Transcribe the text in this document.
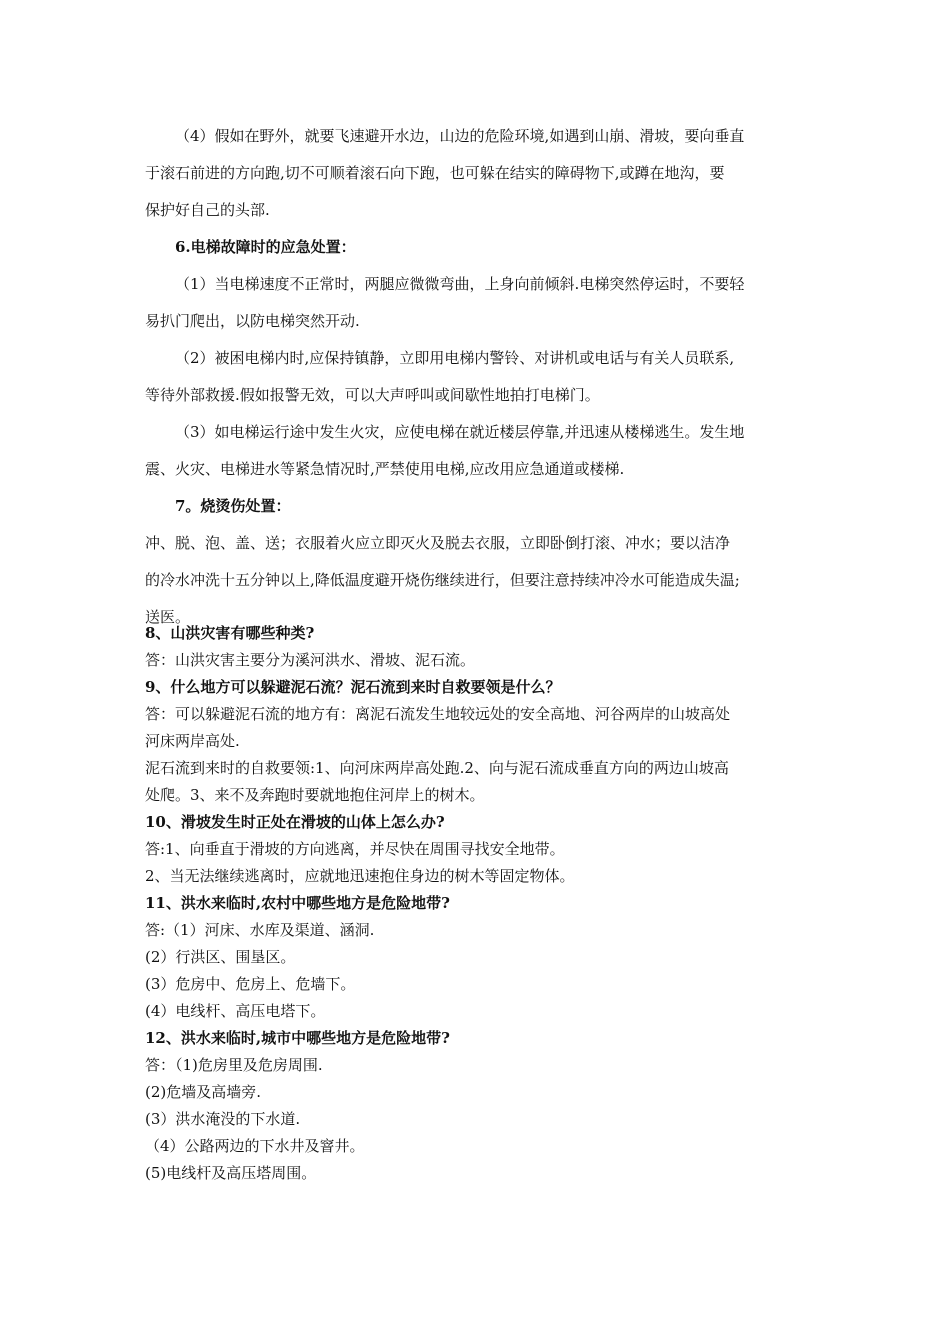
（4）假如在野外，就要飞速避开水边，山边的危险环境,如遇到山崩、滑坡，要向垂直
于滚石前进的方向跑,切不可顺着滚石向下跑，也可躲在结实的障碍物下,或蹲在地沟，要
保护好自己的头部.
6.电梯故障时的应急处置：
（1）当电梯速度不正常时，两腿应微微弯曲，上身向前倾斜.电梯突然停运时，不要轻
易扒门爬出，以防电梯突然开动.
（2）被困电梯内时,应保持镇静，立即用电梯内警铃、对讲机或电话与有关人员联系,
等待外部救援.假如报警无效，可以大声呼叫或间歇性地拍打电梯门。
（3）如电梯运行途中发生火灾，应使电梯在就近楼层停靠,并迅速从楼梯逃生。发生地
震、火灾、电梯进水等紧急情况时,严禁使用电梯,应改用应急通道或楼梯.
7。烧烫伤处置：
冲、脱、泡、盖、送；衣服着火应立即灭火及脱去衣服，立即卧倒打滚、冲水；要以洁净
的冷水冲洗十五分钟以上,降低温度避开烧伤继续进行，但要注意持续冲冷水可能造成失温;
送医。
8、山洪灾害有哪些种类?
答：山洪灾害主要分为溪河洪水、滑坡、泥石流。
9、什么地方可以躲避泥石流？泥石流到来时自救要领是什么？
答：可以躲避泥石流的地方有：离泥石流发生地较远处的安全高地、河谷两岸的山坡高处
河床两岸高处.
泥石流到来时的自救要领:1、向河床两岸高处跑.2、向与泥石流成垂直方向的两边山坡高
处爬。3、来不及奔跑时要就地抱住河岸上的树木。
10、滑坡发生时正处在滑坡的山体上怎么办?
答:1、向垂直于滑坡的方向逃离，并尽快在周围寻找安全地带。
2、当无法继续逃离时，应就地迅速抱住身边的树木等固定物体。
11、洪水来临时,农村中哪些地方是危险地带?
答:（1）河床、水库及渠道、涵洞.
(2）行洪区、围垦区。
(3）危房中、危房上、危墙下。
(4）电线杆、高压电塔下。
12、洪水来临时,城市中哪些地方是危险地带?
答：（1)危房里及危房周围.
(2)危墙及高墙旁.
(3）洪水淹没的下水道.
（4）公路两边的下水井及窨井。
(5)电线杆及高压塔周围。
